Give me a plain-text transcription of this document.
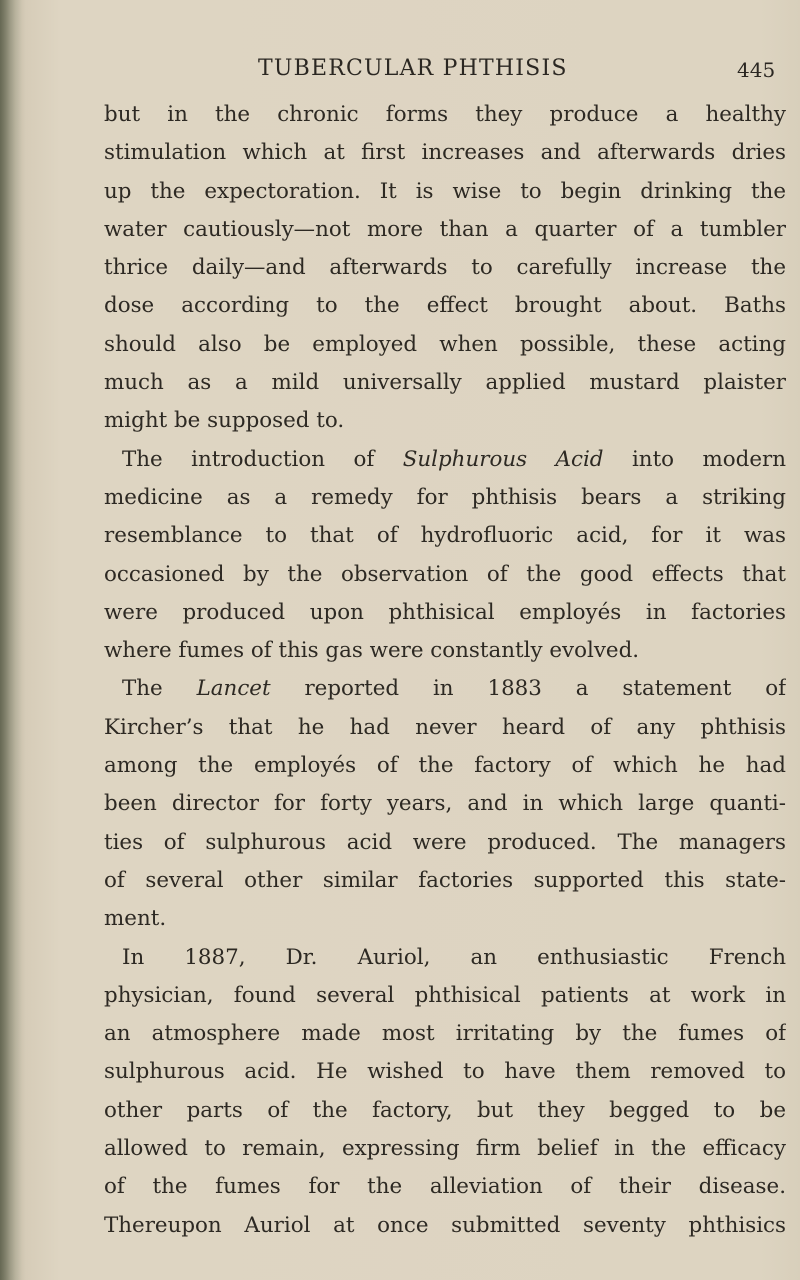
TUBERCULAR PHTHISIS	445
but in the chronic forms they produce a healthy
stimulation which at first increases and afterwards dries
up the expectoration. It is wise to begin drinking the
water cautiously—not more than a quarter of a tumbler
thrice daily—and afterwards to carefully increase the
dose according to the effect brought about. Baths
should also be employed when possible, these acting
much as a mild universally applied mustard plaister
might be supposed to.
The introduction of Sulphurous Acid into modern
medicine as a remedy for phthisis bears a striking
resemblance to that of hydrofluoric acid, for it was
occasioned by the observation of the good effects that
were produced upon phthisical employés in factories
where fumes of this gas were constantly evolved.
The Lancet reported in 1883 a statement of
Kircher’s that he had never heard of any phthisis
among the employés of the factory of which he had
been director for forty years, and in which large quanti-
ties of sulphurous acid were produced. The managers
of several other similar factories supported this state-
ment.
In 1887, Dr. Auriol, an enthusiastic French
physician, found several phthisical patients at work in
an atmosphere made most irritating by the fumes of
sulphurous acid. He wished to have them removed to
other parts of the factory, but they begged to be
allowed to remain, expressing firm belief in the efficacy
of the fumes for the alleviation of their disease.
Thereupon Auriol at once submitted seventy phthisics
